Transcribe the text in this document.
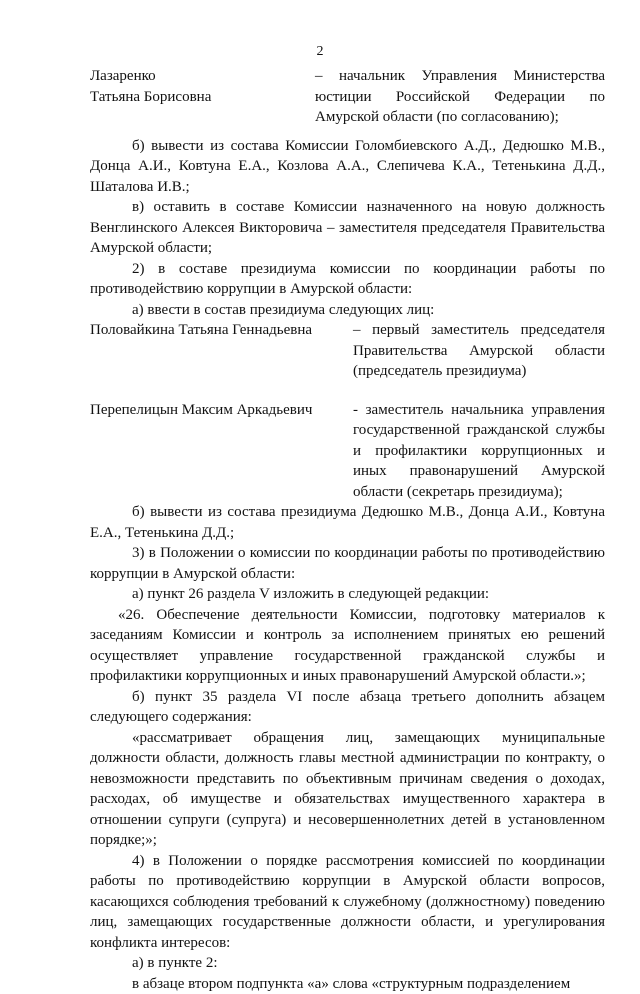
2
Лазаренко
Татьяна Борисовна
– начальник Управления Министерства юстиции Российской Федерации по Амурской области (по согласованию);

б) вывести из состава Комиссии Голомбиевского А.Д., Дедюшко М.В., Донца А.И., Ковтуна Е.А., Козлова А.А., Слепичева К.А., Тетенькина Д.Д., Шаталова И.В.;

в) оставить в составе Комиссии назначенного на новую должность Венглинского Алексея Викторовича – заместителя председателя Правительства Амурской области;

2) в составе президиума комиссии по координации работы по противодействию коррупции в Амурской области:

а) ввести в состав президиума следующих лиц:

Половайкина Татьяна Геннадьевна	– первый заместитель председателя Правительства Амурской области (председатель президиума)
Перепелицын Максим Аркадьевич	- заместитель начальника управления государственной гражданской службы и профилактики коррупционных и иных правонарушений Амурской области (секретарь президиума);

б) вывести из состава президиума Дедюшко М.В., Донца А.И., Ковтуна Е.А., Тетенькина Д.Д.;

3) в Положении о комиссии по координации работы по противодействию коррупции в Амурской области:

а) пункт 26 раздела V изложить в следующей редакции:

«26. Обеспечение деятельности Комиссии, подготовку материалов к заседаниям Комиссии и контроль за исполнением принятых ею решений осуществляет управление государственной гражданской службы и профилактики коррупционных и иных правонарушений Амурской области.»;

б) пункт 35 раздела VI после абзаца третьего дополнить абзацем следующего содержания:

«рассматривает обращения лиц, замещающих муниципальные должности области, должность главы местной администрации по контракту, о невозможности представить по объективным причинам сведения о доходах, расходах, об имуществе и обязательствах имущественного характера в отношении супруги (супруга) и несовершеннолетних детей в установленном порядке;»;

4) в Положении о порядке рассмотрения комиссией по координации работы по противодействию коррупции в Амурской области вопросов, касающихся соблюдения требований к служебному (должностному) поведению лиц, замещающих государственные должности области, и урегулирования конфликта интересов:

а) в пункте 2:

в абзаце втором подпункта «а» слова «структурным подразделением
